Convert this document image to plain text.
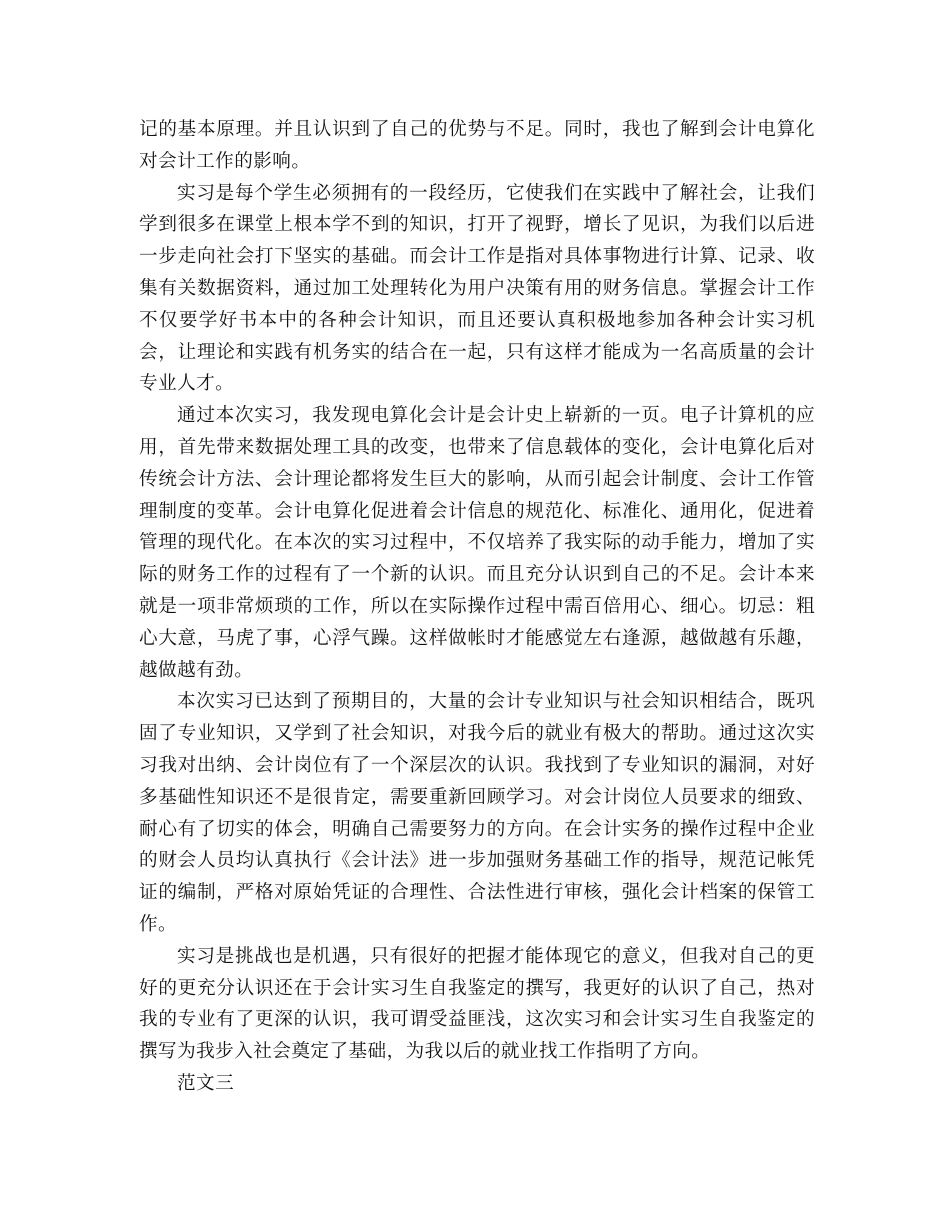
记的基本原理。并且认识到了自己的优势与不足。同时，我也了解到会计电算化对会计工作的影响。

实习是每个学生必须拥有的一段经历，它使我们在实践中了解社会，让我们学到很多在课堂上根本学不到的知识，打开了视野，增长了见识，为我们以后进一步走向社会打下坚实的基础。而会计工作是指对具体事物进行计算、记录、收集有关数据资料，通过加工处理转化为用户决策有用的财务信息。掌握会计工作不仅要学好书本中的各种会计知识，而且还要认真积极地参加各种会计实习机会，让理论和实践有机务实的结合在一起，只有这样才能成为一名高质量的会计专业人才。

通过本次实习，我发现电算化会计是会计史上崭新的一页。电子计算机的应用，首先带来数据处理工具的改变，也带来了信息载体的变化，会计电算化后对传统会计方法、会计理论都将发生巨大的影响，从而引起会计制度、会计工作管理制度的变革。会计电算化促进着会计信息的规范化、标准化、通用化，促进着管理的现代化。在本次的实习过程中，不仅培养了我实际的动手能力，增加了实际的财务工作的过程有了一个新的认识。而且充分认识到自己的不足。会计本来就是一项非常烦琐的工作，所以在实际操作过程中需百倍用心、细心。切忌：粗心大意，马虎了事，心浮气躁。这样做帐时才能感觉左右逢源，越做越有乐趣，越做越有劲。

本次实习已达到了预期目的，大量的会计专业知识与社会知识相结合，既巩固了专业知识，又学到了社会知识，对我今后的就业有极大的帮助。通过这次实习我对出纳、会计岗位有了一个深层次的认识。我找到了专业知识的漏洞，对好多基础性知识还不是很肯定，需要重新回顾学习。对会计岗位人员要求的细致、耐心有了切实的体会，明确自己需要努力的方向。在会计实务的操作过程中企业的财会人员均认真执行《会计法》进一步加强财务基础工作的指导，规范记帐凭证的编制，严格对原始凭证的合理性、合法性进行审核，强化会计档案的保管工作。

实习是挑战也是机遇，只有很好的把握才能体现它的意义，但我对自己的更好的更充分认识还在于会计实习生自我鉴定的撰写，我更好的认识了自己，热对我的专业有了更深的认识，我可谓受益匪浅，这次实习和会计实习生自我鉴定的撰写为我步入社会奠定了基础，为我以后的就业找工作指明了方向。

范文三
